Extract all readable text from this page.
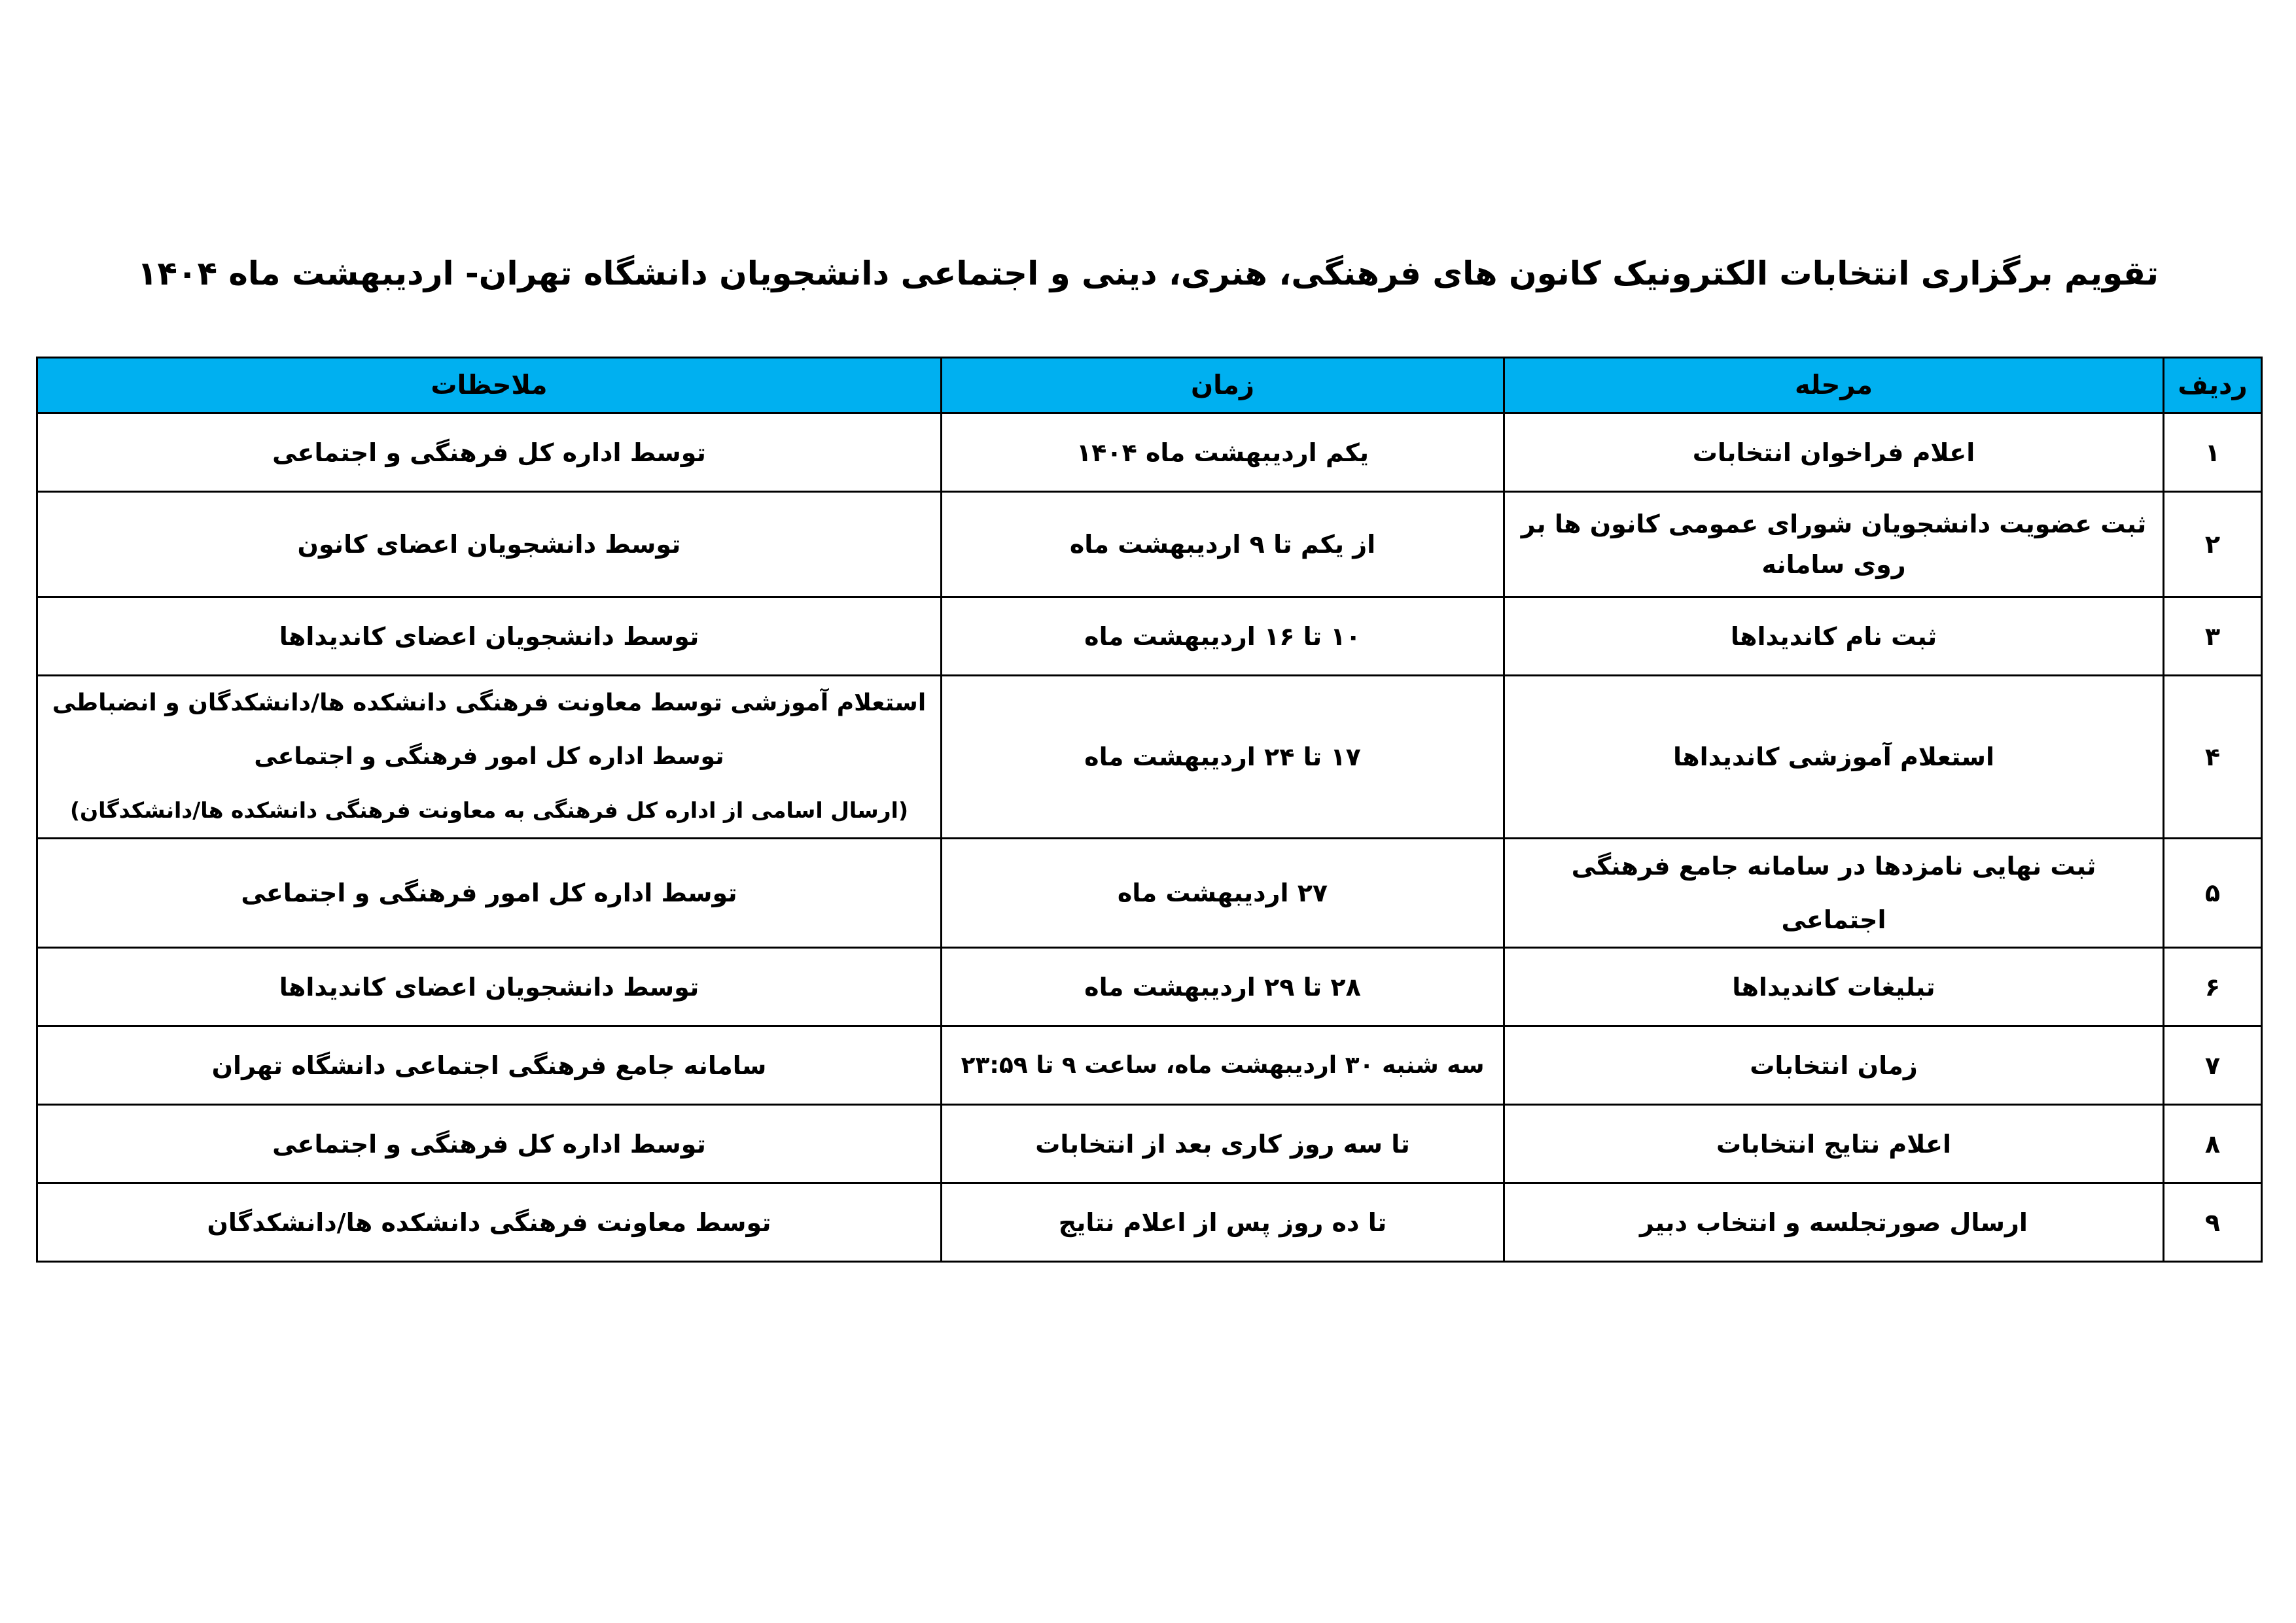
تقویم برگزاری انتخابات الکترونیک کانون های فرهنگی، هنری، دینی و اجتماعی دانشجویان دانشگاه تهران- اردیبهشت ماه ۱۴۰۴
ردیف	مرحله	زمان	ملاحظات
۱	اعلام فراخوان انتخابات	یکم اردیبهشت ماه ۱۴۰۴	توسط اداره کل فرهنگی و اجتماعی
۲	ثبت عضویت دانشجویان شورای عمومی کانون ها بر روی سامانه	از یکم تا ۹ اردیبهشت ماه	توسط دانشجویان اعضای کانون
۳	ثبت نام کاندیداها	۱۰ تا ۱۶ اردیبهشت ماه	توسط دانشجویان اعضای کاندیداها
۴	استعلام آموزشی کاندیداها	۱۷ تا ۲۴ اردیبهشت ماه	استعلام آموزشی توسط معاونت فرهنگی دانشکده ها/دانشکدگان و انضباطی
توسط اداره کل امور فرهنگی و اجتماعی
(ارسال اسامی از اداره کل فرهنگی به معاونت فرهنگی دانشکده ها/دانشکدگان)

۵	ثبت نهایی نامزدها در سامانه جامع فرهنگی اجتماعی	۲۷ اردیبهشت ماه	توسط اداره کل امور فرهنگی و اجتماعی
۶	تبلیغات کاندیداها	۲۸ تا ۲۹ اردیبهشت ماه	توسط دانشجویان اعضای کاندیداها
۷	زمان انتخابات	سه شنبه ۳۰ اردیبهشت ماه، ساعت ۹ تا ۲۳:۵۹	سامانه جامع فرهنگی اجتماعی دانشگاه تهران
۸	اعلام نتایج انتخابات	تا سه روز کاری بعد از انتخابات	توسط اداره کل فرهنگی و اجتماعی
۹	ارسال صورتجلسه و انتخاب دبیر	تا ده روز پس از اعلام نتایج	توسط معاونت فرهنگی دانشکده ها/دانشکدگان
